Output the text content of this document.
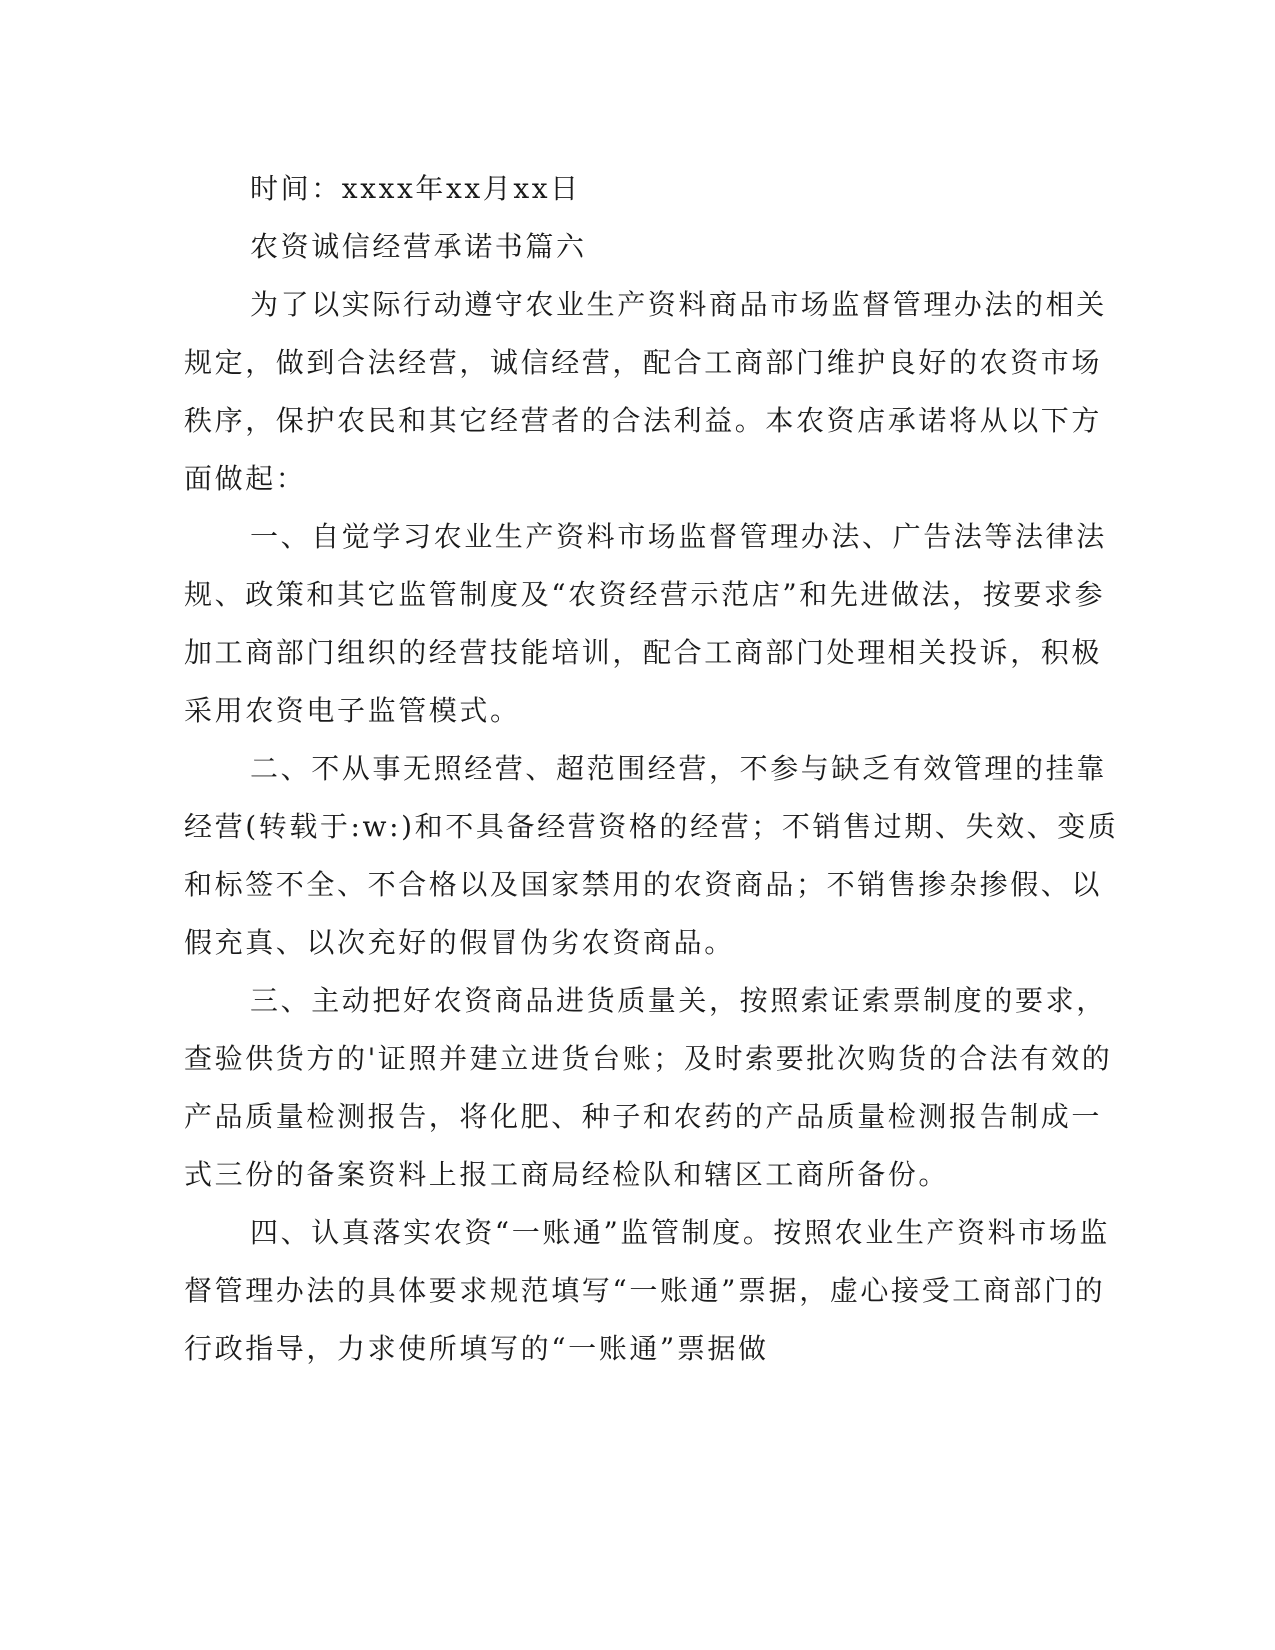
时间：xxxx年xx月xx日
农资诚信经营承诺书篇六
为了以实际行动遵守农业生产资料商品市场监督管理办法的相关
规定，做到合法经营，诚信经营，配合工商部门维护良好的农资市场
秩序，保护农民和其它经营者的合法利益。本农资店承诺将从以下方
面做起：
一、自觉学习农业生产资料市场监督管理办法、广告法等法律法
规、政策和其它监管制度及“农资经营示范店”和先进做法，按要求参
加工商部门组织的经营技能培训，配合工商部门处理相关投诉，积极
采用农资电子监管模式。
二、不从事无照经营、超范围经营，不参与缺乏有效管理的挂靠
经营(转载于:w:)和不具备经营资格的经营；不销售过期、失效、变质
和标签不全、不合格以及国家禁用的农资商品；不销售掺杂掺假、以
假充真、以次充好的假冒伪劣农资商品。
三、主动把好农资商品进货质量关，按照索证索票制度的要求，
查验供货方的'证照并建立进货台账；及时索要批次购货的合法有效的
产品质量检测报告，将化肥、种子和农药的产品质量检测报告制成一
式三份的备案资料上报工商局经检队和辖区工商所备份。
四、认真落实农资“一账通”监管制度。按照农业生产资料市场监
督管理办法的具体要求规范填写“一账通”票据，虚心接受工商部门的
行政指导，力求使所填写的“一账通”票据做
